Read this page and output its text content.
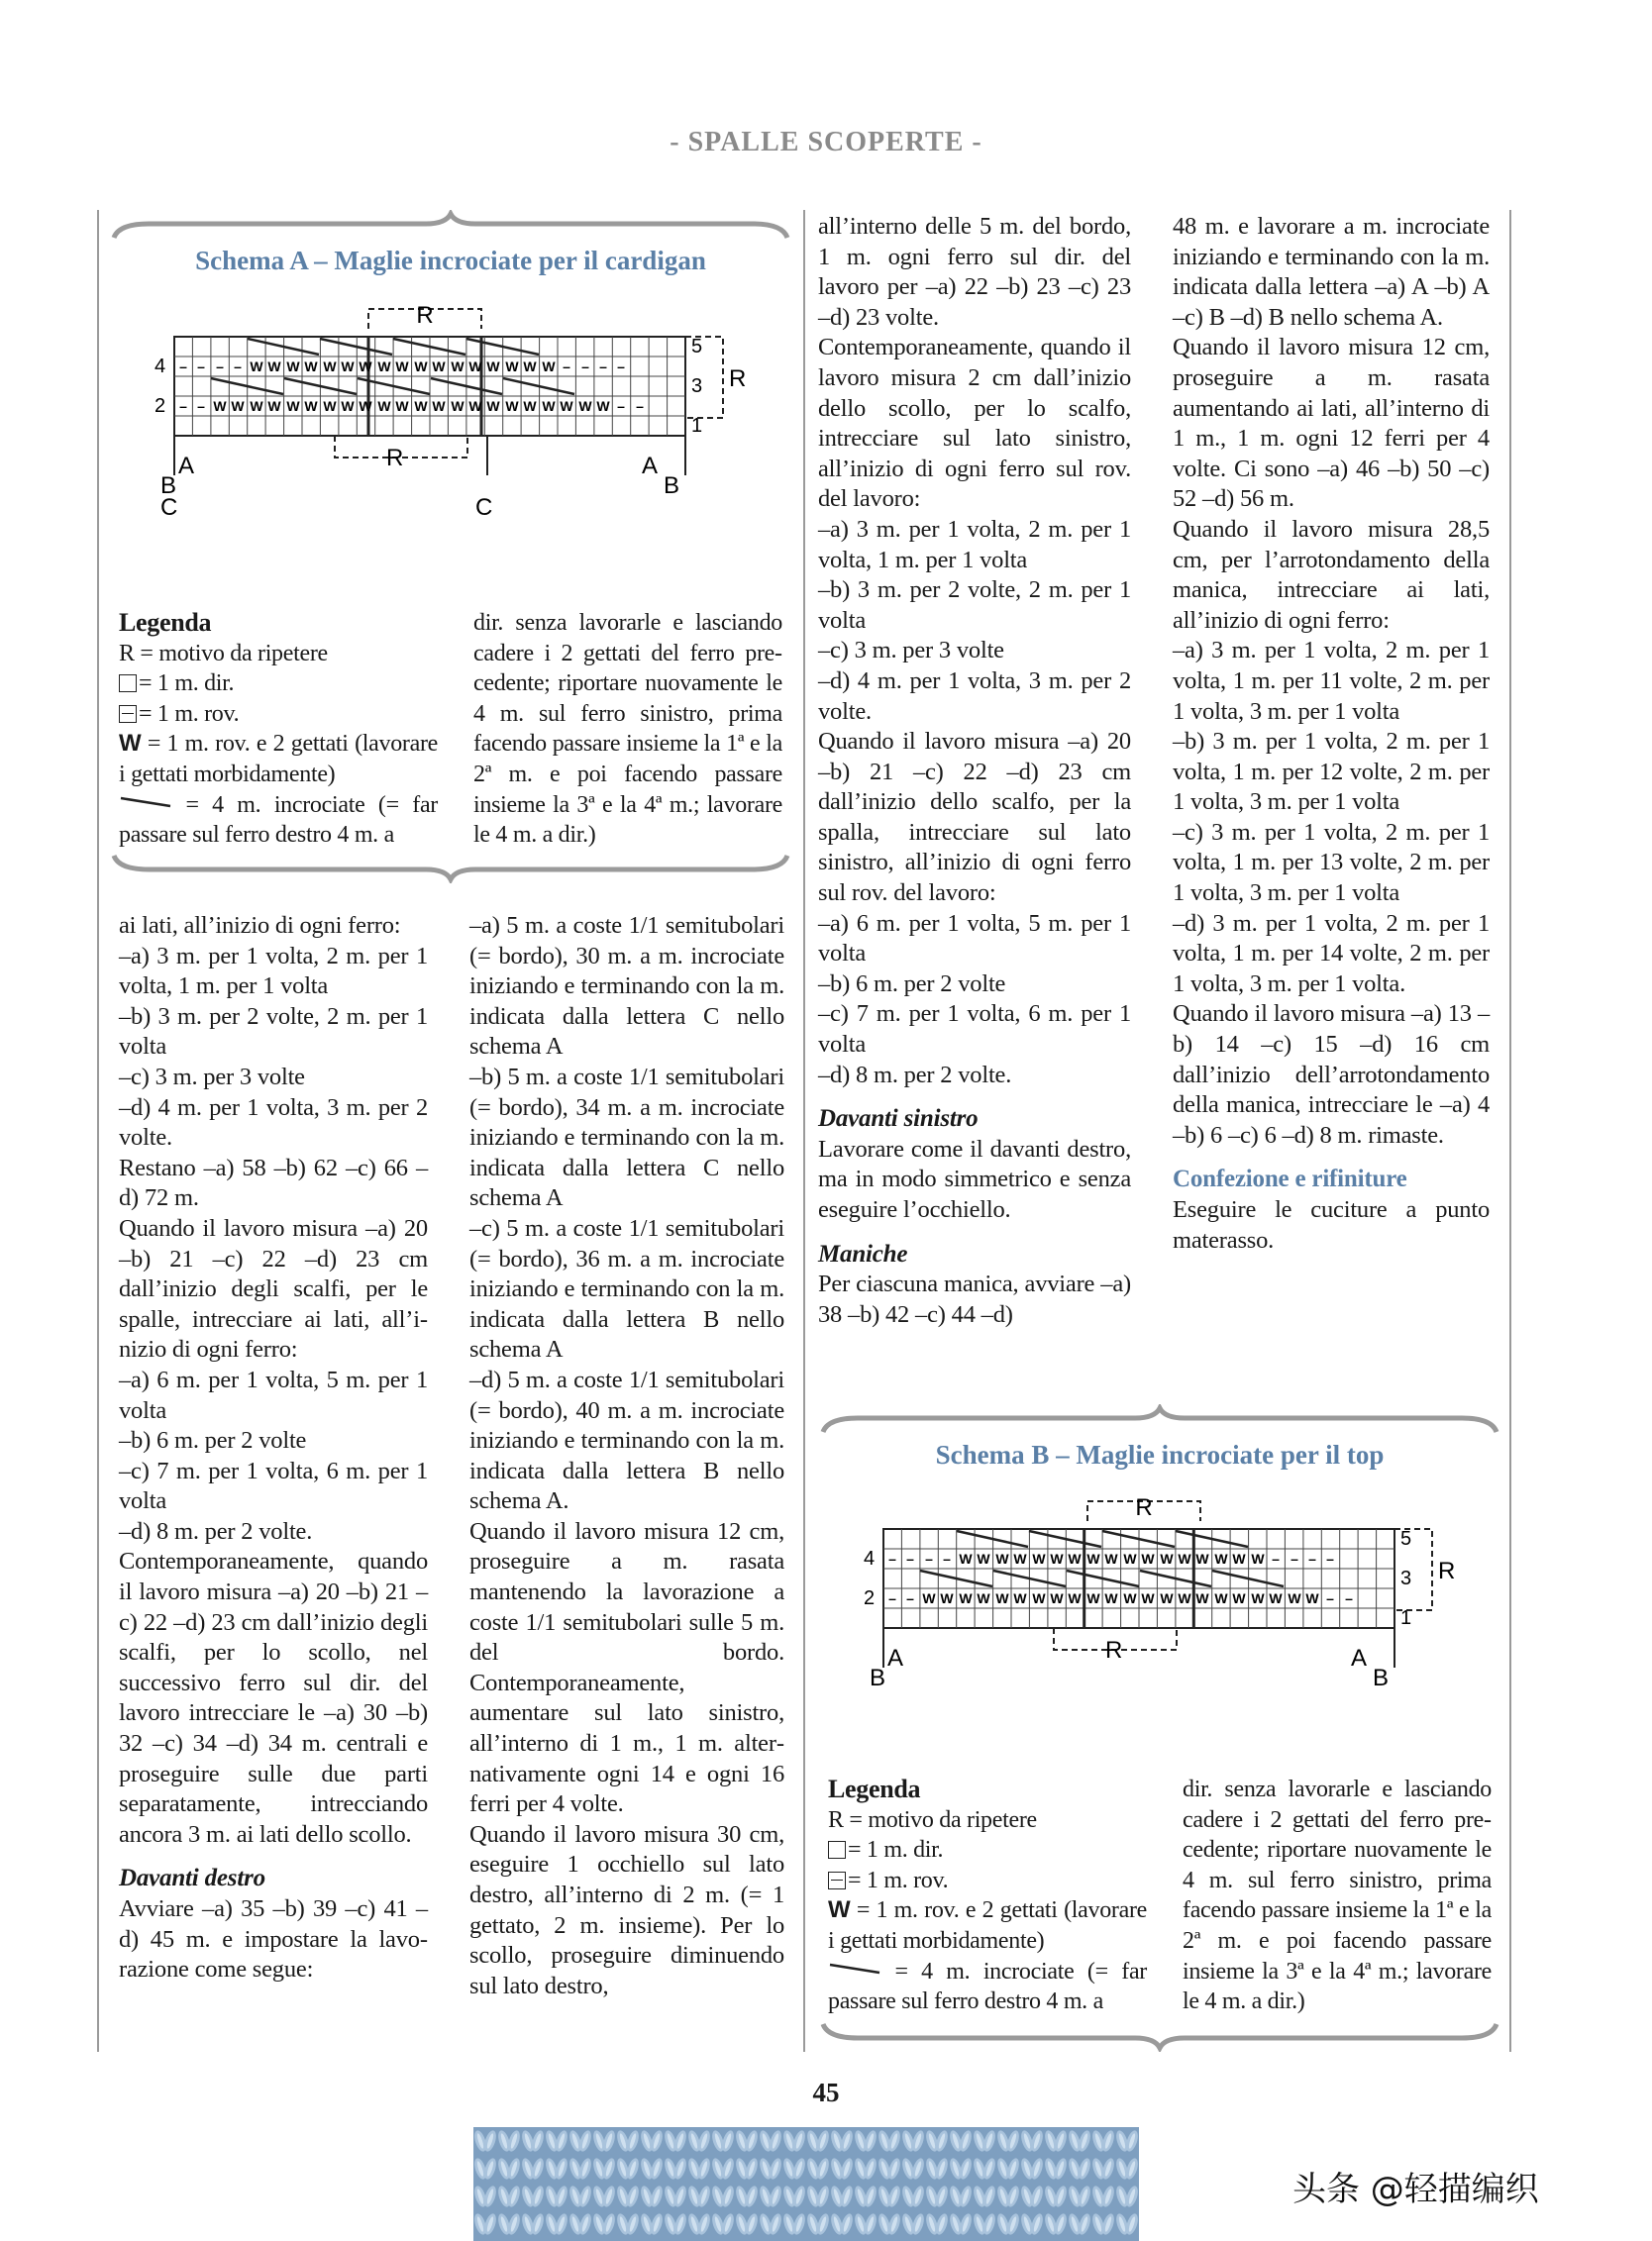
- SPALLE SCOPERTE -
Schema A – Maglie incrociate per il cardigan
R
– – – – W W W W W W W W W W W W W W W W W – – – –
– – W W W W W W W W W W W W W W W W W W W W W W – –
4
2
5
3
1
R
R
A
B
C
A
B
C

Legenda

R = motivo da ripetere

= 1 m. dir.

= 1 m. rov.

W = 1 m. rov. e 2 gettati (lavorare i gettati morbidamente)

= 4 m. incrociate (= far passare sul ferro destro 4 m. a

dir. senza lavorarle e lasciando cadere i 2 gettati del ferro precedente; riportare nuovamente le 4 m. sul ferro sinistro, prima facendo passare insieme la 1ª e la 2ª m. e poi facendo passare insieme la 3ª e la 4ª m.; lavorare le 4 m. a dir.)

ai lati, all’inizio di ogni ferro:

–a) 3 m. per 1 volta, 2 m. per 1 volta, 1 m. per 1 volta

–b) 3 m. per 2 volte, 2 m. per 1 volta

–c) 3 m. per 3 volte

–d) 4 m. per 1 volta, 3 m. per 2 volte.

Restano –a) 58 –b) 62 –c) 66 –d) 72 m.

Quando il lavoro misura –a) 20 –b) 21 –c) 22 –d) 23 cm dall’inizio degli scalfi, per le spalle, intrecciare ai lati, all’inizio di ogni ferro:

–a) 6 m. per 1 volta, 5 m. per 1 volta

–b) 6 m. per 2 volte

–c) 7 m. per 1 volta, 6 m. per 1 volta

–d) 8 m. per 2 volte.

Contemporaneamente, quando il lavoro misura –a) 20 –b) 21 –c) 22 –d) 23 cm dall’inizio degli scalfi, per lo scollo, nel successivo ferro sul dir. del lavoro intrecciare le –a) 30 –b) 32 –c) 34 –d) 34 m. centrali e proseguire sulle due parti separatamente, intrecciando ancora 3 m. ai lati dello scollo.

Davanti destro

Avviare –a) 35 –b) 39 –c) 41 –d) 45 m. e impostare la lavorazione come segue:

–a) 5 m. a coste 1/1 semitubolari (= bordo), 30 m. a m. incrociate iniziando e terminando con la m. indicata dalla lettera C nello schema A

–b) 5 m. a coste 1/1 semitubolari (= bordo), 34 m. a m. incrociate iniziando e terminando con la m. indicata dalla lettera C nello schema A

–c) 5 m. a coste 1/1 semitubolari (= bordo), 36 m. a m. incrociate iniziando e terminando con la m. indicata dalla lettera B nello schema A

–d) 5 m. a coste 1/1 semitubolari (= bordo), 40 m. a m. incrociate iniziando e terminando con la m. indicata dalla lettera B nello schema A.

Quando il lavoro misura 12 cm, proseguire a m. rasata mantenendo la lavorazione a coste 1/1 semitubolari sulle 5 m. del bordo. Contemporaneamente, aumentare sul lato sinistro, all’interno di 1 m., 1 m. alternativamente ogni 14 e ogni 16 ferri per 4 volte.

Quando il lavoro misura 30 cm, eseguire 1 occhiello sul lato destro, all’interno di 2 m. (= 1 gettato, 2 m. insieme). Per lo scollo, proseguire diminuendo sul lato destro,

all’interno delle 5 m. del bordo, 1 m. ogni ferro sul dir. del lavoro per –a) 22 –b) 23 –c) 23 –d) 23 volte.

Contemporaneamente, quando il lavoro misura 2 cm dall’inizio dello scollo, per lo scalfo, intrecciare sul lato sinistro, all’inizio di ogni ferro sul rov. del lavoro:

–a) 3 m. per 1 volta, 2 m. per 1 volta, 1 m. per 1 volta

–b) 3 m. per 2 volte, 2 m. per 1 volta

–c) 3 m. per 3 volte

–d) 4 m. per 1 volta, 3 m. per 2 volte.

Quando il lavoro misura –a) 20 –b) 21 –c) 22 –d) 23 cm dall’inizio dello scalfo, per la spalla, intrecciare sul lato sinistro, all’inizio di ogni ferro sul rov. del lavoro:

–a) 6 m. per 1 volta, 5 m. per 1 volta

–b) 6 m. per 2 volte

–c) 7 m. per 1 volta, 6 m. per 1 volta

–d) 8 m. per 2 volte.

Davanti sinistro

Lavorare come il davanti destro, ma in modo simmetrico e senza eseguire l’occhiello.

Maniche

Per ciascuna manica, avviare –a) 38 –b) 42 –c) 44 –d)

48 m. e lavorare a m. incrociate iniziando e terminando con la m. indicata dalla lettera –a) A –b) A –c) B –d) B nello schema A.

Quando il lavoro misura 12 cm, proseguire a m. rasata aumentando ai lati, all’interno di 1 m., 1 m. ogni 12 ferri per 4 volte. Ci sono –a) 46 –b) 50 –c) 52 –d) 56 m.

Quando il lavoro misura 28,5 cm, per l’arrotondamento della manica, intrecciare ai lati, all’inizio di ogni ferro:

–a) 3 m. per 1 volta, 2 m. per 1 volta, 1 m. per 11 volte, 2 m. per 1 volta, 3 m. per 1 volta

–b) 3 m. per 1 volta, 2 m. per 1 volta, 1 m. per 12 volte, 2 m. per 1 volta, 3 m. per 1 volta

–c) 3 m. per 1 volta, 2 m. per 1 volta, 1 m. per 13 volte, 2 m. per 1 volta, 3 m. per 1 volta

–d) 3 m. per 1 volta, 2 m. per 1 volta, 1 m. per 14 volte, 2 m. per 1 volta, 3 m. per 1 volta.

Quando il lavoro misura –a) 13 –b) 14 –c) 15 –d) 16 cm dall’inizio dell’arrotondamento della manica, intrecciare le –a) 4 –b) 6 –c) 6 –d) 8 m. rimaste.

Confezione e rifiniture

Eseguire le cuciture a punto materasso.

Schema B – Maglie incrociate per il top
R
– – – – W W W W W W W W W W W W W W W W W – – – –
– – W W W W W W W W W W W W W W W W W W W W W W – –
4
2
5
3
1
R
R
A
B
A
B

Legenda

R = motivo da ripetere

= 1 m. dir.

= 1 m. rov.

W = 1 m. rov. e 2 gettati (lavorare i gettati morbidamente)

= 4 m. incrociate (= far passare sul ferro destro 4 m. a

dir. senza lavorarle e lasciando cadere i 2 gettati del ferro precedente; riportare nuovamente le 4 m. sul ferro sinistro, prima facendo passare insieme la 1ª e la 2ª m. e poi facendo passare insieme la 3ª e la 4ª m.; lavorare le 4 m. a dir.)

45
头条 @轻描编织
